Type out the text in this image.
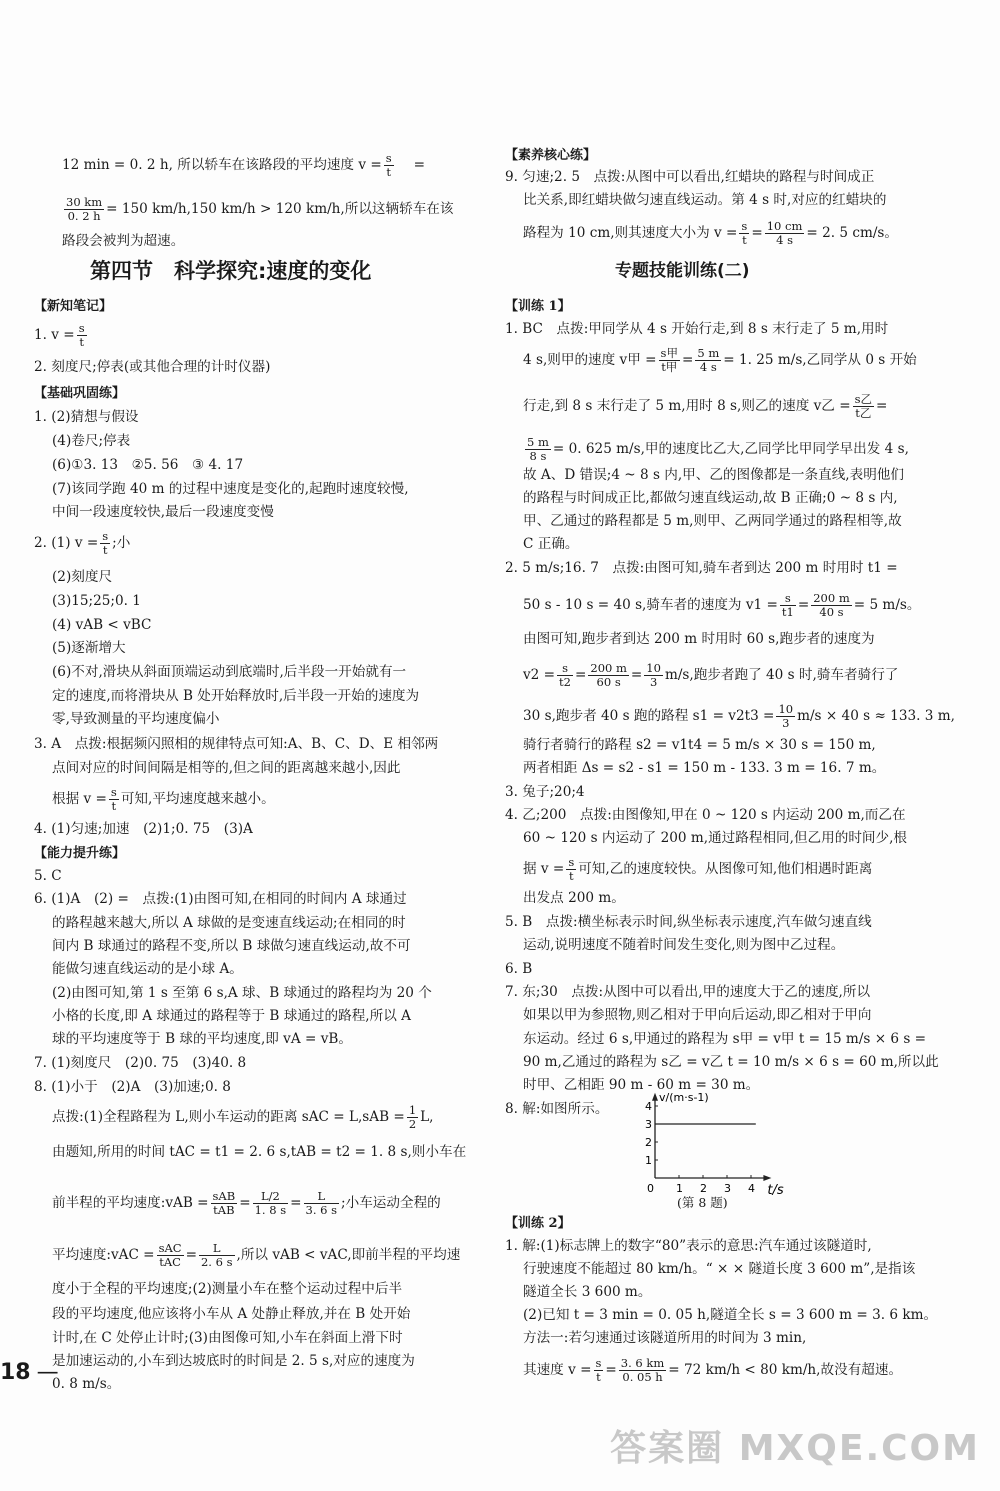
12 min = 0. 2 h, 所以轿车在该路段的平均速度 $v = \frac{s}{t}$ =
$\frac{30 km}{0. 2 h} = 150$ km/h,150 km/h > 120 km/h,所以这辆轿车在该
路段会被判为超速。
第四节　科学探究:速度的变化
【新知笔记】
1. $v = \frac{s}{t}$
2. 刻度尺;停表(或其他合理的计时仪器)
【基础巩固练】
1. (2)猜想与假设
(4)卷尺;停表
(6)①3. 13　②5. 56　③ 4. 17
(7)该同学跑 40 m 的过程中速度是变化的,起跑时速度较慢,
中间一段速度较快,最后一段速度变慢
2. (1) $v = \frac{s}{t}$ ;小
(2)刻度尺
(3)15;25;0. 1
(4) vAB < vBC
(5)逐渐增大
(6)不对,滑块从斜面顶端运动到底端时,后半段一开始就有一
定的速度,而将滑块从 B 处开始释放时,后半段一开始的速度为
零,导致测量的平均速度偏小
3. A　点拨:根据频闪照相的规律特点可知:A、B、C、D、E 相邻两
点间对应的时间间隔是相等的,但之间的距离越来越小,因此
根据 $v = \frac{s}{t}$ 可知,平均速度越来越小。
4. (1)匀速;加速　(2)1;0. 75　(3)A
【能力提升练】
5. C
6. (1)A　(2) =　点拨:(1)由图可知,在相同的时间内 A 球通过
的路程越来越大,所以 A 球做的是变速直线运动;在相同的时
间内 B 球通过的路程不变,所以 B 球做匀速直线运动,故不可
能做匀速直线运动的是小球 A。
(2)由图可知,第 1 s 至第 6 s,A 球、B 球通过的路程均为 20 个
小格的长度,即 A 球通过的路程等于 B 球通过的路程,所以 A
球的平均速度等于 B 球的平均速度,即 vA = vB。
7. (1)刻度尺　(2)0. 75　(3)40. 8
8. (1)小于　(2)A　(3)加速;0. 8
点拨:(1)全程路程为 L,则小车运动的距离 sAC = $L,sAB = \frac{1}{2} L$,
由题知,所用的时间 tAC = t1 = 2. 6 s,tAB = t2 = 1. 8 s,则小车在
前半程的平均速度:vAB = $\frac{\text{sAB}}{\text{tAB}} = \frac{L/2}{1. 8 s} = \frac{L}{3. 6 s}$ ;小车运动全程的
平均速度:vAC = $\frac{\text{sAC}}{\text{tAC}} = \frac{L}{2. 6 s}$ ,所以 vAB < vAC,即前半程的平均速
度小于全程的平均速度;(2)测量小车在整个运动过程中后半
段的平均速度,他应该将小车从 A 处静止释放,并在 B 处开始
计时,在 C 处停止计时;(3)由图像可知,小车在斜面上滑下时
是加速运动的,小车到达坡底时的时间是 2. 5 s,对应的速度为
0. 8 m/s。
18 —
【素养核心练】
9. 匀速;2. 5　点拨:从图中可以看出,红蜡块的路程与时间成正
比关系,即红蜡块做匀速直线运动。第 4 s 时,对应的红蜡块的
路程为 10 cm,则其速度大小为 $v = \frac{s}{t} = \frac{10 cm}{4 s} = 2$. 5 cm/s。
专题技能训练(二)
【训练 1】
1. BC　点拨:甲同学从 4 s 开始行走,到 8 s 末行走了 5 m,用时
4 s,则甲的速度 v甲 = $\frac{\text{s甲}}{\text{t甲}} = \frac{5 m}{4 s} = 1$. 25 m/s,乙同学从 0 s 开始
行走,到 8 s 末行走了 5 m,用时 8 s,则乙的速度 v乙 = $\frac{\text{s乙}}{\text{t乙}}$ =
$\frac{5 m}{8 s} = 0$. 625 m/s,甲的速度比乙大,乙同学比甲同学早出发 4 s,
故 A、D 错误;4 ~ 8 s 内,甲、乙的图像都是一条直线,表明他们
的路程与时间成正比,都做匀速直线运动,故 B 正确;0 ~ 8 s 内,
甲、乙通过的路程都是 5 m,则甲、乙两同学通过的路程相等,故
C 正确。
2. 5 m/s;16. 7　点拨:由图可知,骑车者到达 200 m 时用时 t1 =
50 s - 10 s = 40 s,骑车者的速度为 $v1 = \frac{s}{t1} = \frac{200 m}{40 s} = 5$ m/s。
由图可知,跑步者到达 200 m 时用时 60 s,跑步者的速度为
$v2 = \frac{s}{t2} = \frac{200 m}{60 s} = \frac{10}{3} m/s$,跑步者跑了 40 s 时,骑车者骑行了
30 s,跑步者 40 s 跑的路程 $s1 = v2t3 = \frac{10}{3} m/s \times 40$ s ≈ 133. 3 m,
骑行者骑行的路程 s2 = v1t4 = 5 m/s × 30 s = 150 m,
两者相距 Δs = s2 - s1 = 150 m - 133. 3 m = 16. 7 m。
3. 兔子;20;4
4. 乙;200　点拨:由图像知,甲在 0 ~ 120 s 内运动 200 m,而乙在
60 ~ 120 s 内运动了 200 m,通过路程相同,但乙用的时间少,根
据 $v = \frac{s}{t}$ 可知,乙的速度较快。从图像可知,他们相遇时距离
出发点 200 m。
5. B　点拨:横坐标表示时间,纵坐标表示速度,汽车做匀速直线
运动,说明速度不随着时间发生变化,则为图中乙过程。
6. B
7. 东;30　点拨:从图中可以看出,甲的速度大于乙的速度,所以
如果以甲为参照物,则乙相对于甲向后运动,即乙相对于甲向
东运动。经过 6 s,甲通过的路程为 s甲 = v甲 t = 15 m/s × 6 s =
90 m,乙通过的路程为 s乙 = v乙 t = 10 m/s × 6 s = 60 m,所以此
时甲、乙相距 90 m - 60 m = 30 m。
8. 解:如图所示。
0 1 2 3 4
1
2
3
4
v/(m·s-1)
t/s
(第 8 题)
【训练 2】
1. 解:(1)标志牌上的数字“80”表示的意思:汽车通过该隧道时,
行驶速度不能超过 80 km/h。“ × × 隧道长度 3 600 m”,是指该
隧道全长 3 600 m。
(2)已知 t = 3 min = 0. 05 h,隧道全长 s = 3 600 m = 3. 6 km。
方法一:若匀速通过该隧道所用的时间为 3 min,
其速度 $v = \frac{s}{t} = \frac{3. 6 km}{0. 05 h} = 72$ km/h < 80 km/h,故没有超速。
答案圈 MXQE.COM
